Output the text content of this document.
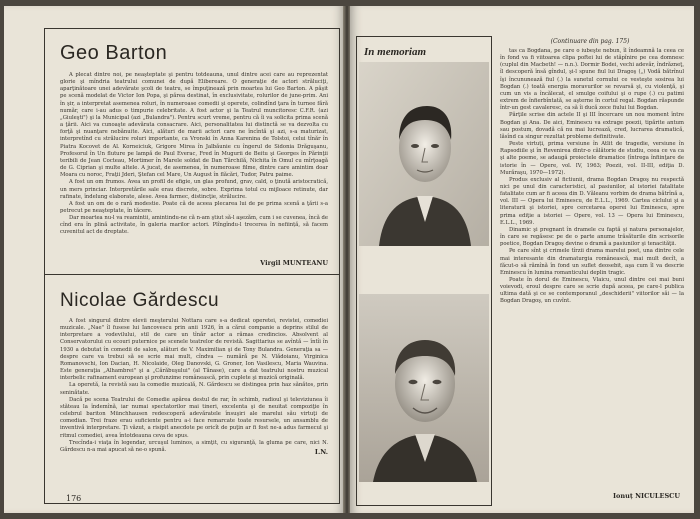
Geo Barton

A plecat dintre noi, pe neaşteptate şi pentru totdeauna, unul dintre acei care au reprezentat glorie şi mîndria teatrului comunei de după Elibereare. O generaţie de actori străluciţi, aparţinătoare unei adevărate şcoli de teatru, se împuţinează prin moartea lui Geo Barton. A păşit pe scenă modelat de Victor Ion Popa, şi părea destinat, în exclusivitate, rolurilor de june-prim. Ani în şir, a interpretat asemenea roluri, în numeroase comedii şi operete, colindînd ţara în turnee fără număr, care i-au adus o timpurie celebritate. A fost actor şi la Teatrul muncitoresc C.F.R. (azi „Giuleşti") şi la Municipal (azi „Bulandra"). Pentru scurt vreme, pentru că îi va solicita prima scenă a ţării. Aici va cunoaşte adevărata consacrare. Aici, personalitatea lui distinctă se va dezvolta cu forţă şi nuanţare nebănuite. Aici, alături de marii actori care ne încîntă şi azi, s-a maturizat, interpretînd cu strălucire roluri importante, ca Vronski în Anna Karenina de Tolstoi, celui tînăr în Piatra Kocovet de Al. Korneiciuk, Grigore Mirea în Jalbăunie cu îngerul de Sidonia Drăguşanu, Profesorul în Un fluture pe lampă de Paul Everac, Fred în Mugurii de Beitu şi Georges în Părinţii teribili de Jean Cocteau, Mortimer în Marele soldat de Dan Tărchilă, Nichita în Omul cu mîrţoagă de G. Ciprian şi multe altele. A jucat, de asemenea, în numeroase filme, dintre care amintim doar Moara cu noroc, Fraţii Jderi, Ştefan cel Mare, Un August în flăcări, Tudor, Patru paime.

A fost un om frumos. Avea un profil de efigie, un glas profund, grav, cald, o ţinută aristocratică, un mers princiar. Interpretările sale erau discrete, sobre. Exprima totul cu mijloace retinute, dar rafinate, îndelung elaborate, alese. Avea farmec, distincţie, strălucire.

A fost un om de o rară modestie. Poate că de aceea plecarea lui de pe prima scenă a ţării s-a petrecut pe neaşteptate, în tăcere.

Dar moartea nu-l va reamintii, amintindu-ne că n-am ştiut să-l aşezăm, cum i se cuvenea, încă de cînd era în plină activitate, în galeria marilor actori. Plîngîndu-l trecerea în neființă, să facem cuvenitul act de dreptate.

Virgil MUNTEANU
Nicolae Gărdescu

A fost singurul dintre elevii meşterului Nottara care s-a dedicat operetei, revistei, comediei muzicale. „Nae" îl fusese lui Iancovescu prin anii 1926, în a cărui companie a deprins stilul de interpretare a vodevilului, stil de care un tînăr actor a rămas credincios. Absolvent al Conservatorului cu ecouri puternice pe scenele teatrelor de revistă. Sagittarius se avîntă — întîi în 1930 a debutat în comedii de salon, alături de V. Maximilian şi de Tony Bulandra. Generaţia sa — despre care va trebui să se scrie mai mult, cîndva — numără pe N. Vlădoianu, Virginica Romanovschi, Ion Dacian, H. Nicolaide, Oleg Danovski, G. Groner, Ion Vasilescu, Maria Wauvina. Este generaţia „Alhambrei" şi a „Cărăbuşului" (al Tănase), care a dat teatrului nostru muzical interbelic rafinament european şi profunzime românească, prin cuplete şi muzică originală.

La operetă, la revistă sau la comedie muzicală, N. Gărdescu se distingea prin haz sănătos, prin seninătate.

Dacă pe scena Teatrului de Comedie apărea destul de rar, în schimb, radioul şi televiziunea îi stăteau la îndemînă, iar numai spectatorilor mai tineri, excelenta şi de neuitat compoziţie în celebrul bariton Münchhausen redescoperă adevăratele însuşiri ale marelui său virtuţi de comedian. Trei fraze erau suficiente pentru a-i face remarcate toate resursele, un ansamblu de inventivă interpretare. Ţi văzut, a risipit anecdote pe oricît de puţin ar fi fost ne-a adus farmecul şi ritmul comediei, avea întotdeauna ceva de spus.

Trecînda-i viaţa în legendar, urcuşul luminos, a simţit, cu siguranţă, la gluma pe care, nici N. Gărdescu n-a mai apucat să ne-o spună.	I.N.
176
In memoriam
(Continuare din pag. 175)

tas ca Bogdana, pe care o iubeşte nebun, îl îndeamnă la ceea ce în fond va fi viitoarea clipa poftei lui de stăpînire pe cea domnesc (cuplul din Macbeth! — n.n.). Dormir Bodei, vechi adevăr, îndrăzneţ, îl descoperă însă gîndul, şi-l spune fiul lui Dragoş („) Vodă bătrînul îşi încununează fiul (.) la sunetul cornului ce vesteşte sosirea lui Bogdan (.) toată energia moravurilor se revarsă şi, cu violenţă, şi cum un vis a încălecat, el smulge coifului şi o rupe (.) cu patimi extrem de înfierbîntată, se aşterne în cortul regal. Bogdan răspunde într-un gest cavaleresc, ca să îi ducă zece fiului lui Bogdan.

Părţile scrise din actele II şi III încercare un nou moment între Bogdan şi Ana. De aici, Eminescu va extrage poezii, tipărite antum sau postum, dovadă că nu mai lucrează, cred, lucrarea dramatică, lăsînd ca singur rezultat probleme definitivate.

Peste virtuți, prima versiune în Atlit de tragedie, versiune în Rapsodiile şi în Revenirea dintr-o călătorie de studiu, ceea ce va ca şi alte poeme, se adaugă proiectele dramatice (întrega înfiinţare de istorie în — Opere, vol. IV, 1963; Poezii, vol. II-III, ediţia D. Murăraşu, 1970—1972).

Produs exclusiv al fictiunii, drama Bogdan Dragoş nu respectă nici pe unul din caracteristici, al pasiunilor, al istoriei fatalitate fatalitate cum ar fi aceea din D. Văleanu vorbim de drama bătrînă a, vol. III — Opera lui Eminescu, de E.L.L., 1969. Cartea ciclului şi a literaturii şi istoriei, spre cercetarea operei lui Eminescu, spre prima ediţie a istoriei — Opere, vol. 13 — Opera lui Eminescu, E.L.L., 1969.

Dinamic şi pregnant în dramele cu faptă şi natura personajelor, în care se regăsesc pe de o parte anume trăsăturile din scrisorile poetice, Bogdan Dragoş devine o dramă a pasiunilor şi tenacităţii.

Pe care sînt şi crimele tîrzii drama marelui poet, una dintre cele mai interesante din dramaturgia românească, mai mult decît, a făcut-o să rămînă în fond un suflet deosebit, aşa cum îl va descrie Eminescu în lumina romanticului deplin tragic.

Poate în dorul de Eminescu, Vlaicu, unul dintre cei mai buni voievodi, eroul despre care se scrie după aceea, pe care-l publica ultima dată şi ce se contemporanul „deschiderii" viitorilor săi — la Bogdan Dragoş, un cuvînt.

Ionuț NICULESCU
